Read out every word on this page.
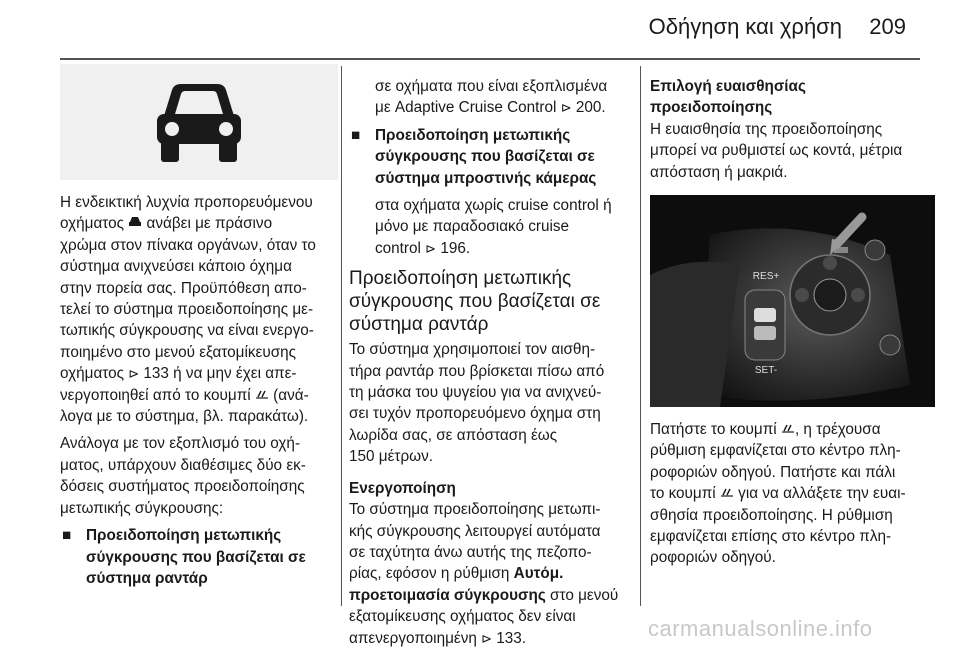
Οδήγηση και χρήση 209

Η ενδεικτική λυχνία προπορευόμενου
οχήματος  ανάβει με πράσινο
χρώμα στον πίνακα οργάνων, όταν το
σύστημα ανιχνεύσει κάποιο όχημα
στην πορεία σας. Προϋπόθεση απο-
τελεί το σύστημα προειδοποίησης με-
τωπικής σύγκρουσης να είναι ενεργο-
ποιημένο στο μενού εξατομίκευσης
οχήματος ⊳ 133 ή να μην έχει απε-
νεργοποιηθεί από το κουμπί  (ανά-
λογα με το σύστημα, βλ. παρακάτω).

Ανάλογα με τον εξοπλισμό του οχή-
ματος, υπάρχουν διαθέσιμες δύο εκ-
δόσεις συστήματος προειδοποίησης
μετωπικής σύγκρουσης:

■ Προειδοποίηση μετωπικής
σύγκρουσης που βασίζεται σε
σύστημα ραντάρ

σε οχήματα που είναι εξοπλισμένα
με Adaptive Cruise Control ⊳ 200.

■ Προειδοποίηση μετωπικής
σύγκρουσης που βασίζεται σε
σύστημα μπροστινής κάμερας
στα οχήματα χωρίς cruise control ή
μόνο με παραδοσιακό cruise
control ⊳ 196.
Προειδοποίηση μετωπικής
σύγκρουσης που βασίζεται σε
σύστημα ραντάρ

Το σύστημα χρησιμοποιεί τον αισθη-
τήρα ραντάρ που βρίσκεται πίσω από
τη μάσκα του ψυγείου για να ανιχνεύ-
σει τυχόν προπορευόμενο όχημα στη
λωρίδα σας, σε απόσταση έως
150 μέτρων.

Ενεργοποίηση

Το σύστημα προειδοποίησης μετωπι-
κής σύγκρουσης λειτουργεί αυτόματα
σε ταχύτητα άνω αυτής της πεζοπο-
ρίας, εφόσον η ρύθμιση Αυτόμ.
προετοιμασία σύγκρουσης στο μενού
εξατομίκευσης οχήματος δεν είναι
απενεργοποιημένη ⊳ 133.

Επιλογή ευαισθησίας
προειδοποίησης

Η ευαισθησία της προειδοποίησης
μπορεί να ρυθμιστεί ως κοντά, μέτρια
απόσταση ή μακριά.

RES+
SET-

Πατήστε το κουμπί , η τρέχουσα
ρύθμιση εμφανίζεται στο κέντρο πλη-
ροφοριών οδηγού. Πατήστε και πάλι
το κουμπί  για να αλλάξετε την ευαι-
σθησία προειδοποίησης. Η ρύθμιση
εμφανίζεται επίσης στο κέντρο πλη-
ροφοριών οδηγού.

carmanualsonline.info
